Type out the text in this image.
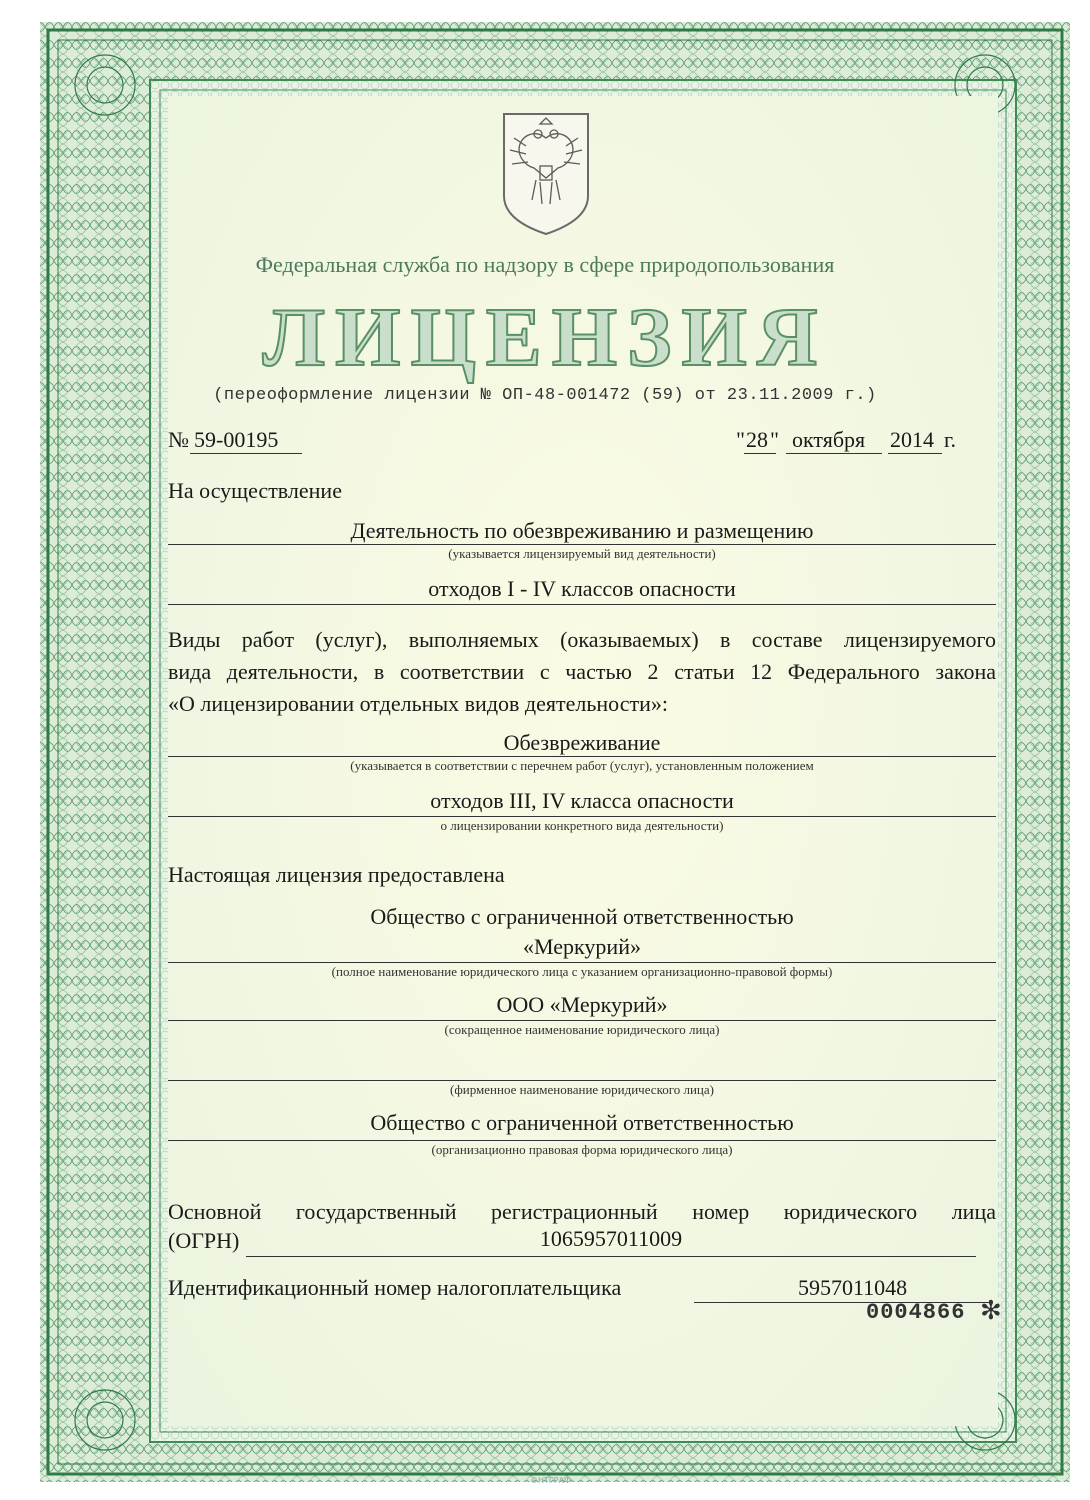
Федеральная служба по надзору в сфере природопользования
ЛИЦЕНЗИЯ
(переоформление лицензии № ОП-48-001472 (59) от 23.11.2009 г.)
№ 59-00195	" 28 " октября 2014 г.
На осуществление
Деятельность по обезвреживанию и размещению
(указывается лицензируемый вид деятельности)
отходов I - IV классов опасности
Виды работ (услуг), выполняемых (оказываемых) в составе лицензируемого
вида деятельности, в соответствии с частью 2 статьи 12 Федерального закона
«О лицензировании отдельных видов деятельности»:
Обезвреживание
(указывается в соответствии с перечнем работ (услуг), установленным положением
отходов III, IV класса опасности
о лицензировании конкретного вида деятельности)
Настоящая лицензия предоставлена
Общество с ограниченной ответственностью
«Меркурий»
(полное наименование юридического лица с указанием организационно-правовой формы)
ООО «Меркурий»
(сокращенное наименование юридического лица)
(фирменное наименование юридического лица)
Общество с ограниченной ответственностью
(организационно правовая форма юридического лица)
Основной государственный регистрационный номер юридического лица
(ОГРН)	1065957011009
Идентификационный номер налогоплательщика	5957011048
0004866 ✻
©НТГРАФ
